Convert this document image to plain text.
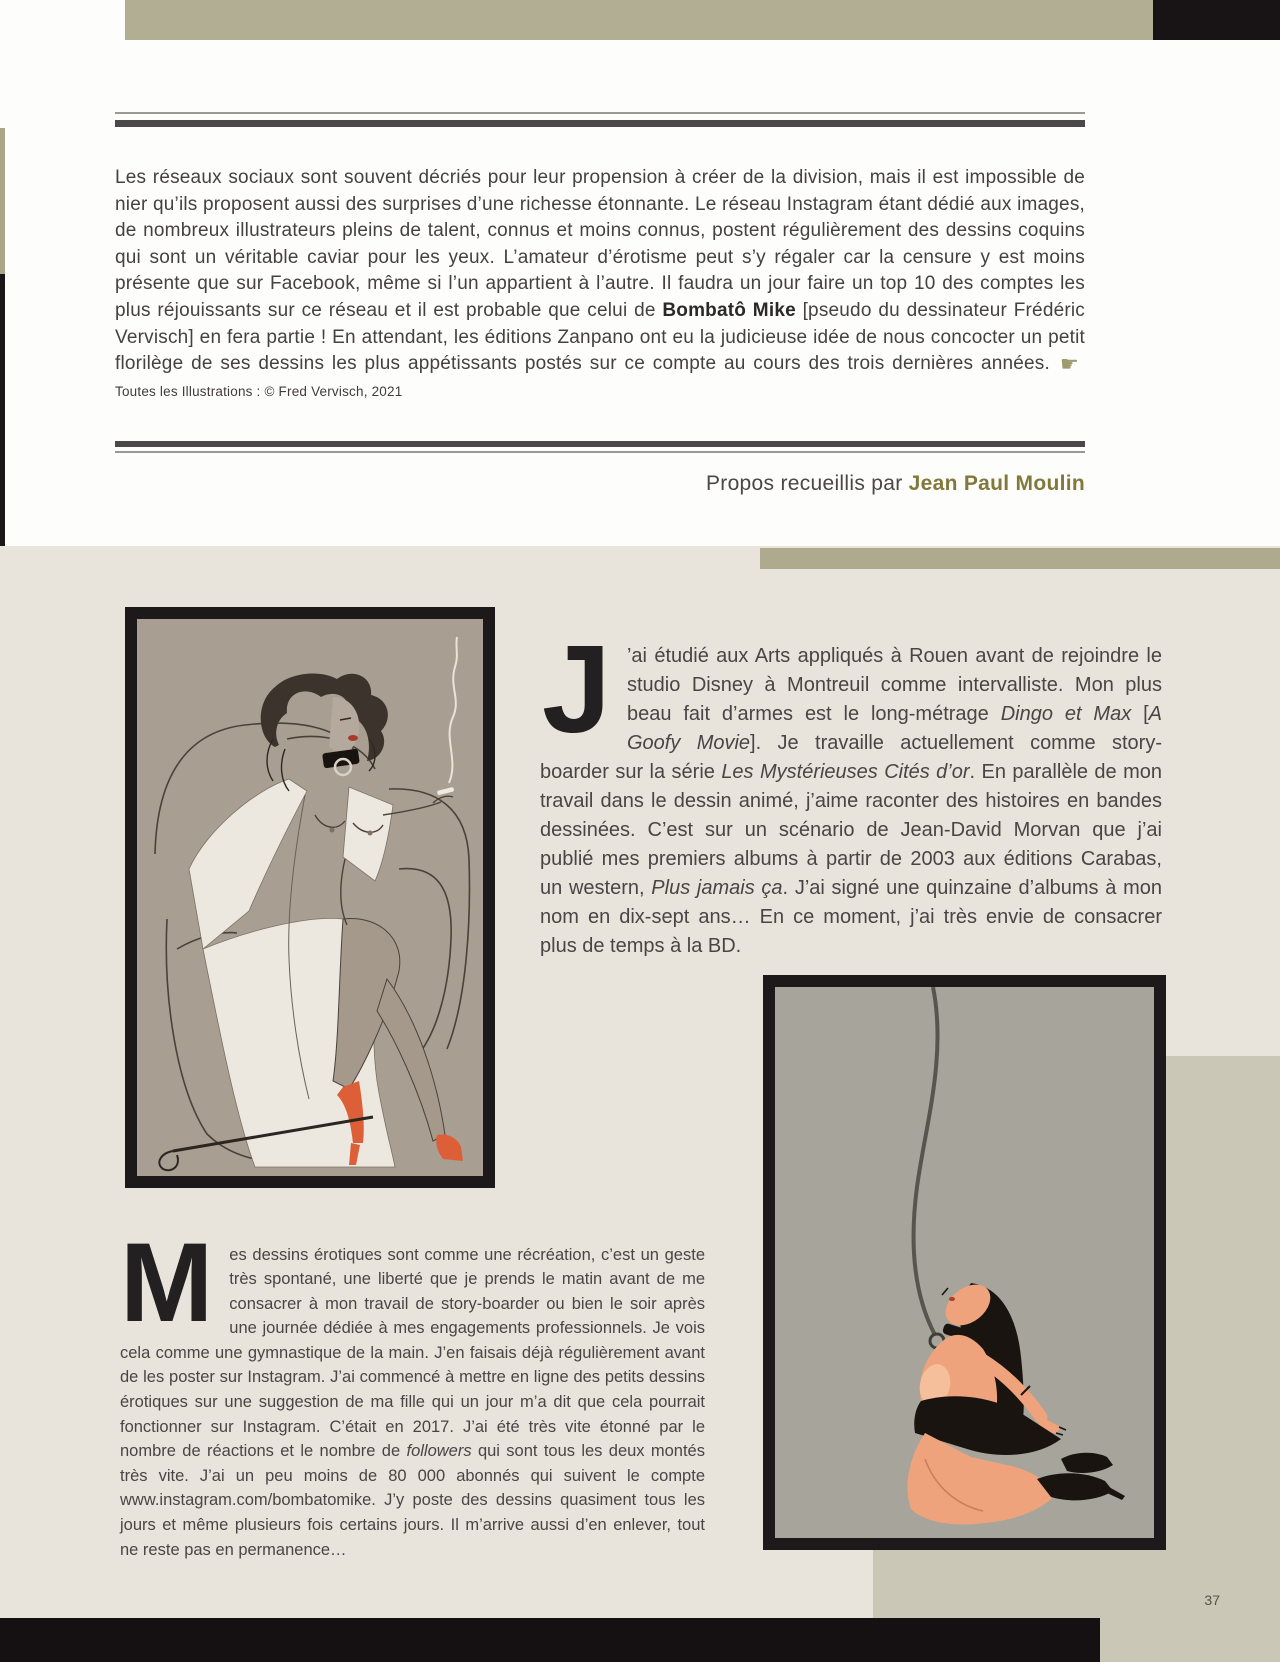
Les réseaux sociaux sont souvent décriés pour leur propension à créer de la division, mais il est impossible de nier qu’ils proposent aussi des surprises d’une richesse étonnante. Le réseau Instagram étant dédié aux images, de nombreux illustrateurs pleins de talent, connus et moins connus, postent régulièrement des dessins coquins qui sont un véritable caviar pour les yeux. L’amateur d’érotisme peut s’y régaler car la censure y est moins présente que sur Facebook, même si l’un appartient à l’autre. Il faudra un jour faire un top 10 des comptes les plus réjouissants sur ce réseau et il est probable que celui de Bombatô Mike [pseudo du dessinateur Frédéric Vervisch] en fera partie ! En attendant, les éditions Zanpano ont eu la judicieuse idée de nous concocter un petit florilège de ses dessins les plus appétissants postés sur ce compte au cours des trois dernières années. ☛Toutes les Illustrations : © Fred Vervisch, 2021

Propos recueillis par Jean Paul Moulin

J ’ai étudié aux Arts appliqués à Rouen avant de rejoindre le studio Disney à Montreuil comme intervalliste. Mon plus beau fait d’armes est le long-métrage Dingo et Max [A Goofy Movie]. Je travaille actuellement comme story-boarder sur la série Les Mystérieuses Cités d’or. En parallèle de mon travail dans le dessin animé, j’aime raconter des histoires en bandes dessinées. C’est sur un scénario de Jean-David Morvan que j’ai publié mes premiers albums à partir de 2003 aux éditions Carabas, un western, Plus jamais ça. J’ai signé une quinzaine d’albums à mon nom en dix-sept ans… En ce moment, j’ai très envie de consacrer plus de temps à la BD.

Mes dessins érotiques sont comme une récréation, c’est un geste très spontané, une liberté que je prends le matin avant de me consacrer à mon travail de story-boarder ou bien le soir après une journée dédiée à mes engagements professionnels. Je vois cela comme une gymnastique de la main. J’en faisais déjà régulièrement avant de les poster sur Instagram. J’ai commencé à mettre en ligne des petits dessins érotiques sur une suggestion de ma fille qui un jour m’a dit que cela pourrait fonctionner sur Instagram. C’était en 2017. J’ai été très vite étonné par le nombre de réactions et le nombre de followers qui sont tous les deux montés très vite. J’ai un peu moins de 80 000 abonnés qui suivent le compte www.instagram.com/bombatomike. J’y poste des dessins quasiment tous les jours et même plusieurs fois certains jours. Il m’arrive aussi d’en enlever, tout ne reste pas en permanence…

37
